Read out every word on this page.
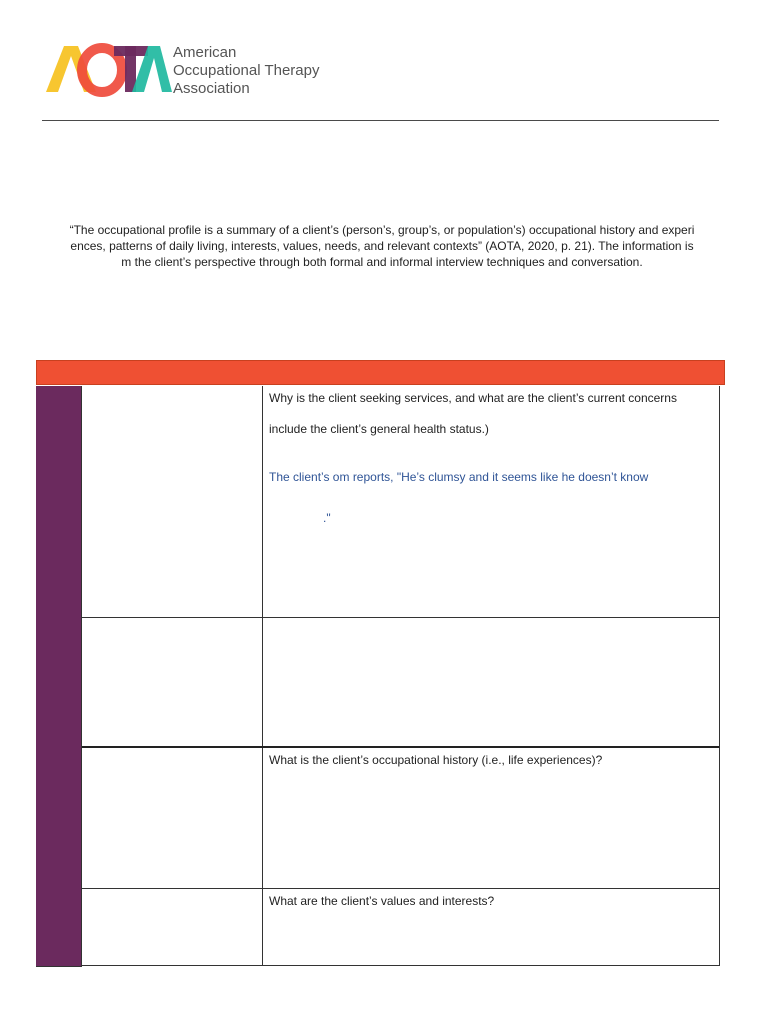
American
Occupational Therapy
Association
“The occupational profile is a summary of a client’s (person’s, group’s, or population’s) occupational history and experi
ences, patterns of daily living, interests, values, needs, and relevant contexts” (AOTA, 2020, p. 21). The information is
m the client’s perspective through both formal and informal interview techniques and conversation.

Why is the client seeking services, and what are the client’s current concerns

include the client’s general health status.)

The client’s om reports, "He’s clumsy and it seems like he doesn’t know

."

What is the client’s occupational history (i.e., life experiences)?

What are the client’s values and interests?
